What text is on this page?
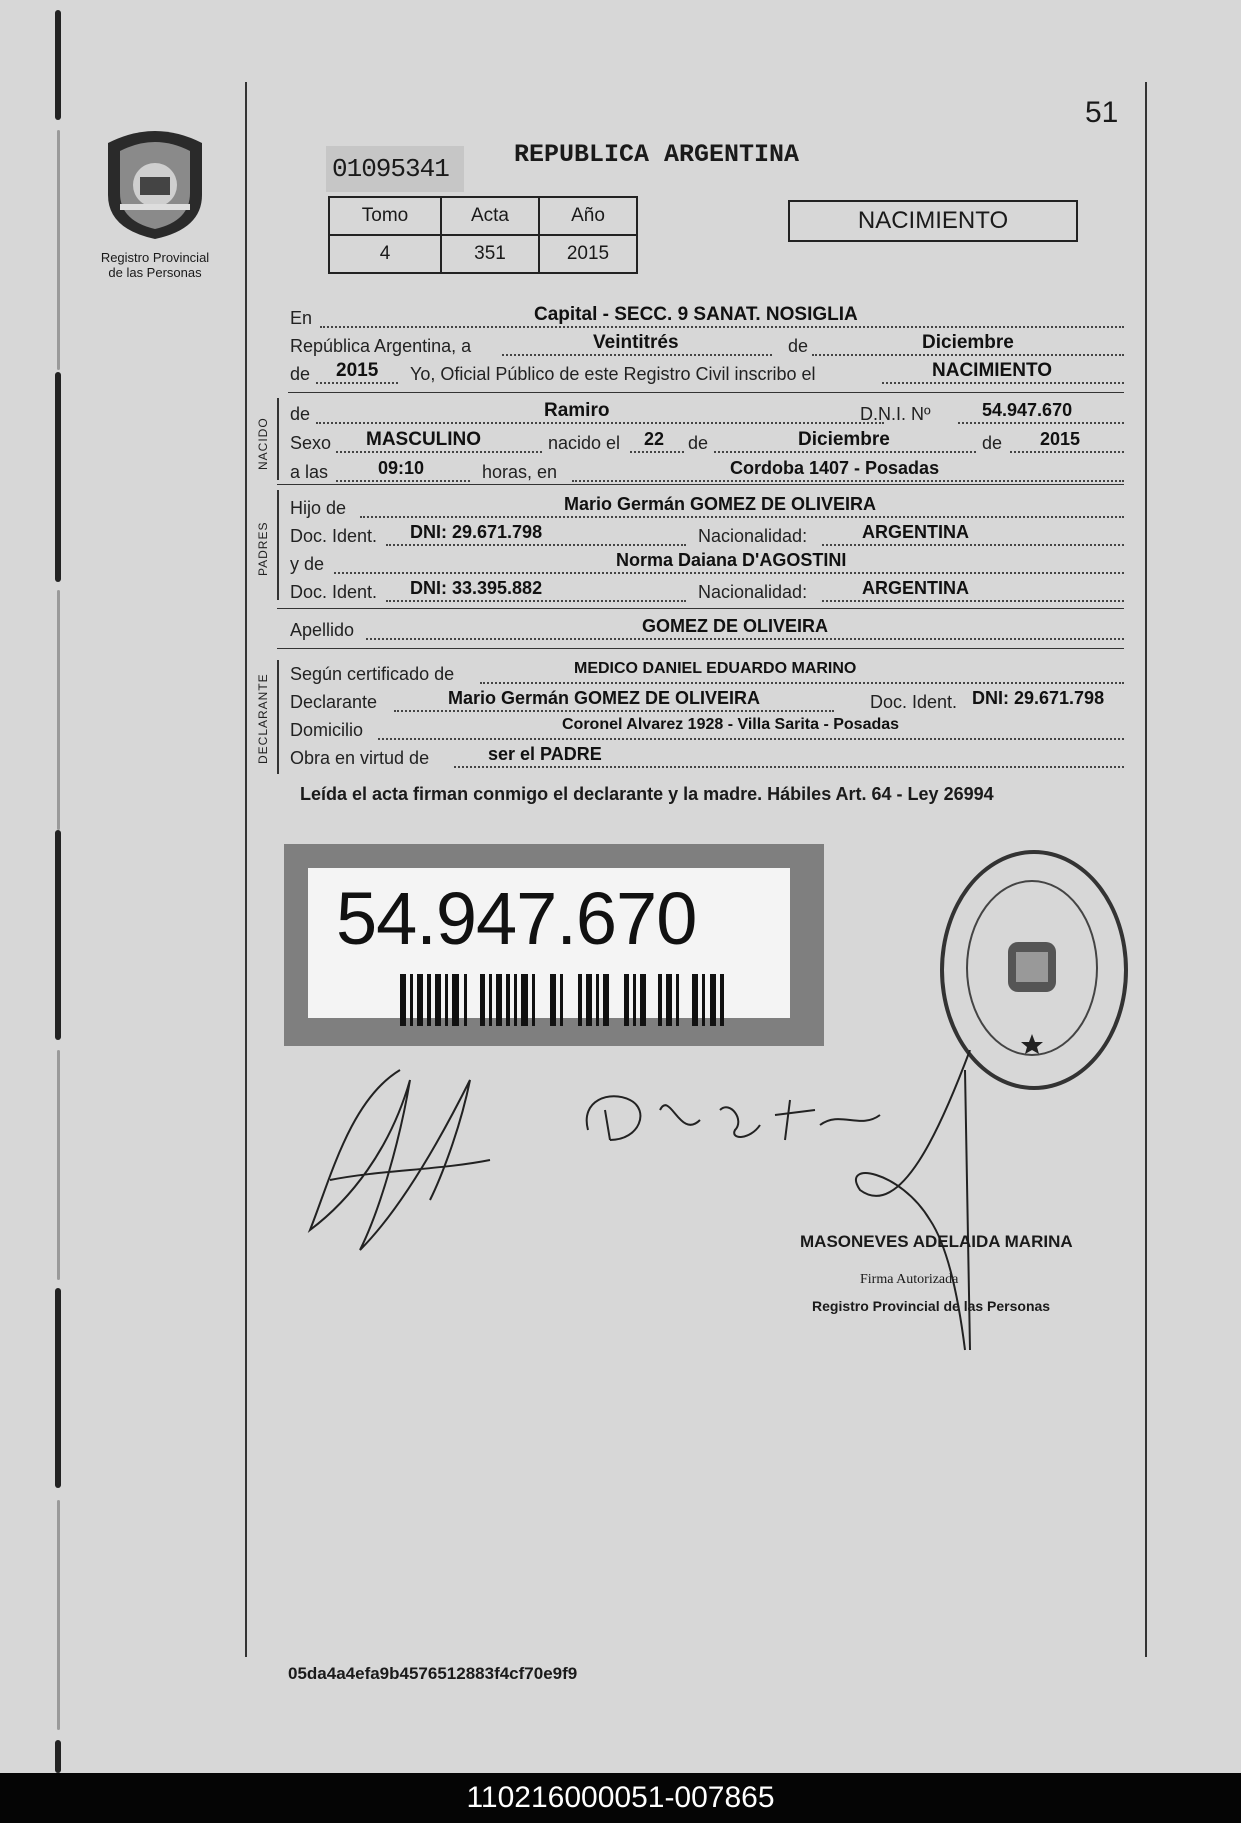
51
Registro Provincial
de las Personas
01095341	REPUBLICA ARGENTINA
Tomo	Acta	Año
4	351	2015
NACIMIENTO
En	Capital - SECC. 9 SANAT. NOSIGLIA
República Argentina, a	Veintitrés	de	Diciembre
de 2015 Yo, Oficial Público de este Registro Civil inscribo el	NACIMIENTO
NACIDO
de	Ramiro	D.N.I. Nº	54.947.670
Sexo MASCULINO	nacido el 22 de	Diciembre	de 2015
a las	09:10	horas, en	Cordoba 1407 - Posadas
PADRES
Hijo de	Mario Germán GOMEZ DE OLIVEIRA
Doc. Ident. DNI: 29.671.798	Nacionalidad:	ARGENTINA
y de	Norma Daiana D'AGOSTINI
Doc. Ident. DNI: 33.395.882	Nacionalidad:	ARGENTINA
Apellido	GOMEZ DE OLIVEIRA
DECLARANTE Según certificado de	MEDICO DANIEL EDUARDO MARINO
Declarante	Mario Germán GOMEZ DE OLIVEIRA	Doc. Ident. DNI: 29.671.798
Domicilio	Coronel Alvarez 1928 - Villa Sarita - Posadas
Obra en virtud de	ser el PADRE
Leída el acta firman conmigo el declarante y la madre. Hábiles Art. 64 - Ley 26994
54.947.670
MASONEVES ADELAIDA MARINA
Firma Autorizada
Registro Provincial de las Personas
05da4a4efa9b4576512883f4cf70e9f9
110216000051-007865
